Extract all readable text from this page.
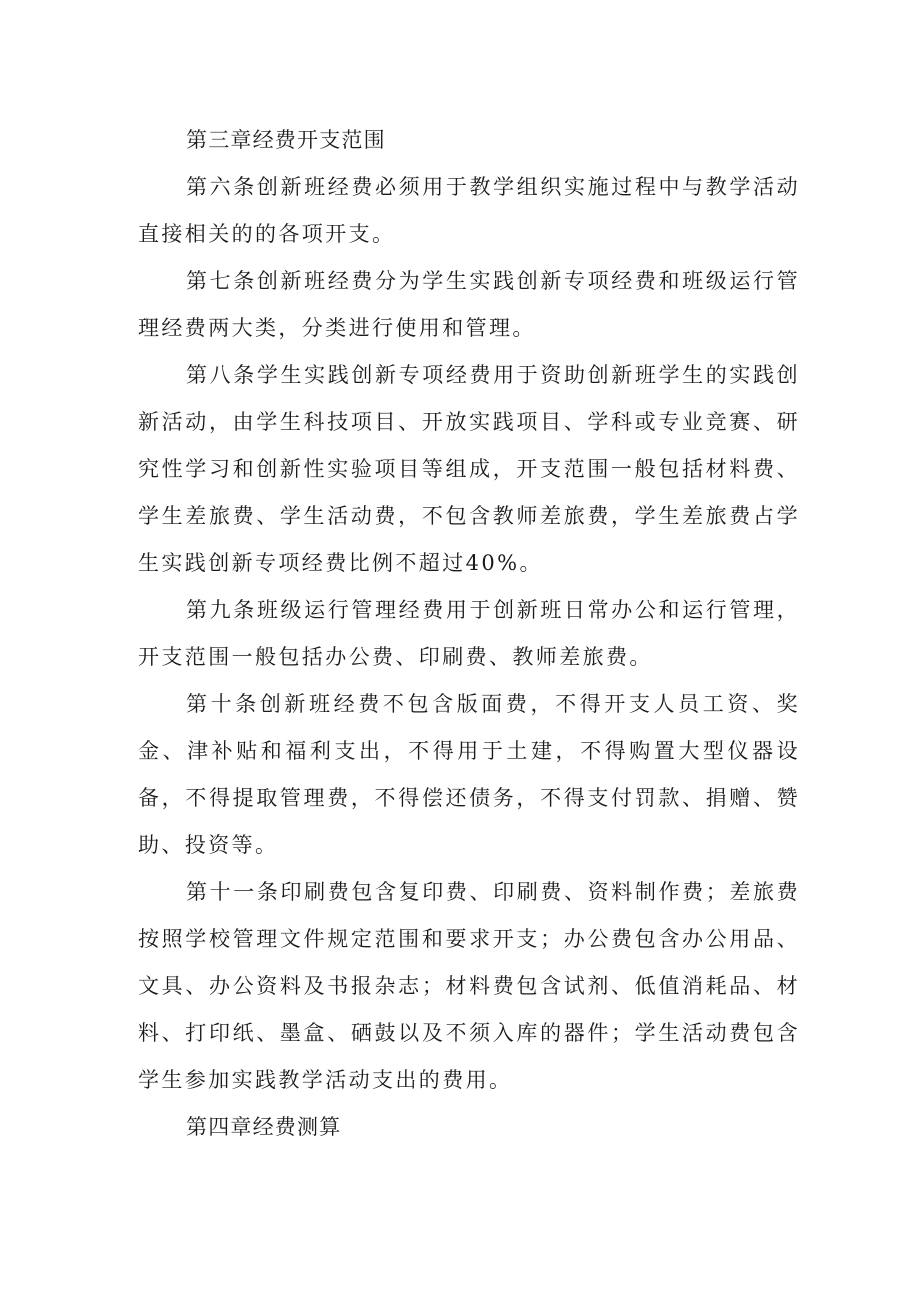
第三章经费开支范围

第六条创新班经费必须用于教学组织实施过程中与教学活动直接相关的的各项开支。

第七条创新班经费分为学生实践创新专项经费和班级运行管理经费两大类，分类进行使用和管理。

第八条学生实践创新专项经费用于资助创新班学生的实践创新活动，由学生科技项目、开放实践项目、学科或专业竞赛、研究性学习和创新性实验项目等组成，开支范围一般包括材料费、学生差旅费、学生活动费，不包含教师差旅费，学生差旅费占学生实践创新专项经费比例不超过40%。

第九条班级运行管理经费用于创新班日常办公和运行管理，开支范围一般包括办公费、印刷费、教师差旅费。

第十条创新班经费不包含版面费，不得开支人员工资、奖金、津补贴和福利支出，不得用于土建，不得购置大型仪器设备，不得提取管理费，不得偿还债务，不得支付罚款、捐赠、赞助、投资等。

第十一条印刷费包含复印费、印刷费、资料制作费；差旅费按照学校管理文件规定范围和要求开支；办公费包含办公用品、文具、办公资料及书报杂志；材料费包含试剂、低值消耗品、材料、打印纸、墨盒、硒鼓以及不须入库的器件；学生活动费包含学生参加实践教学活动支出的费用。

第四章经费测算
